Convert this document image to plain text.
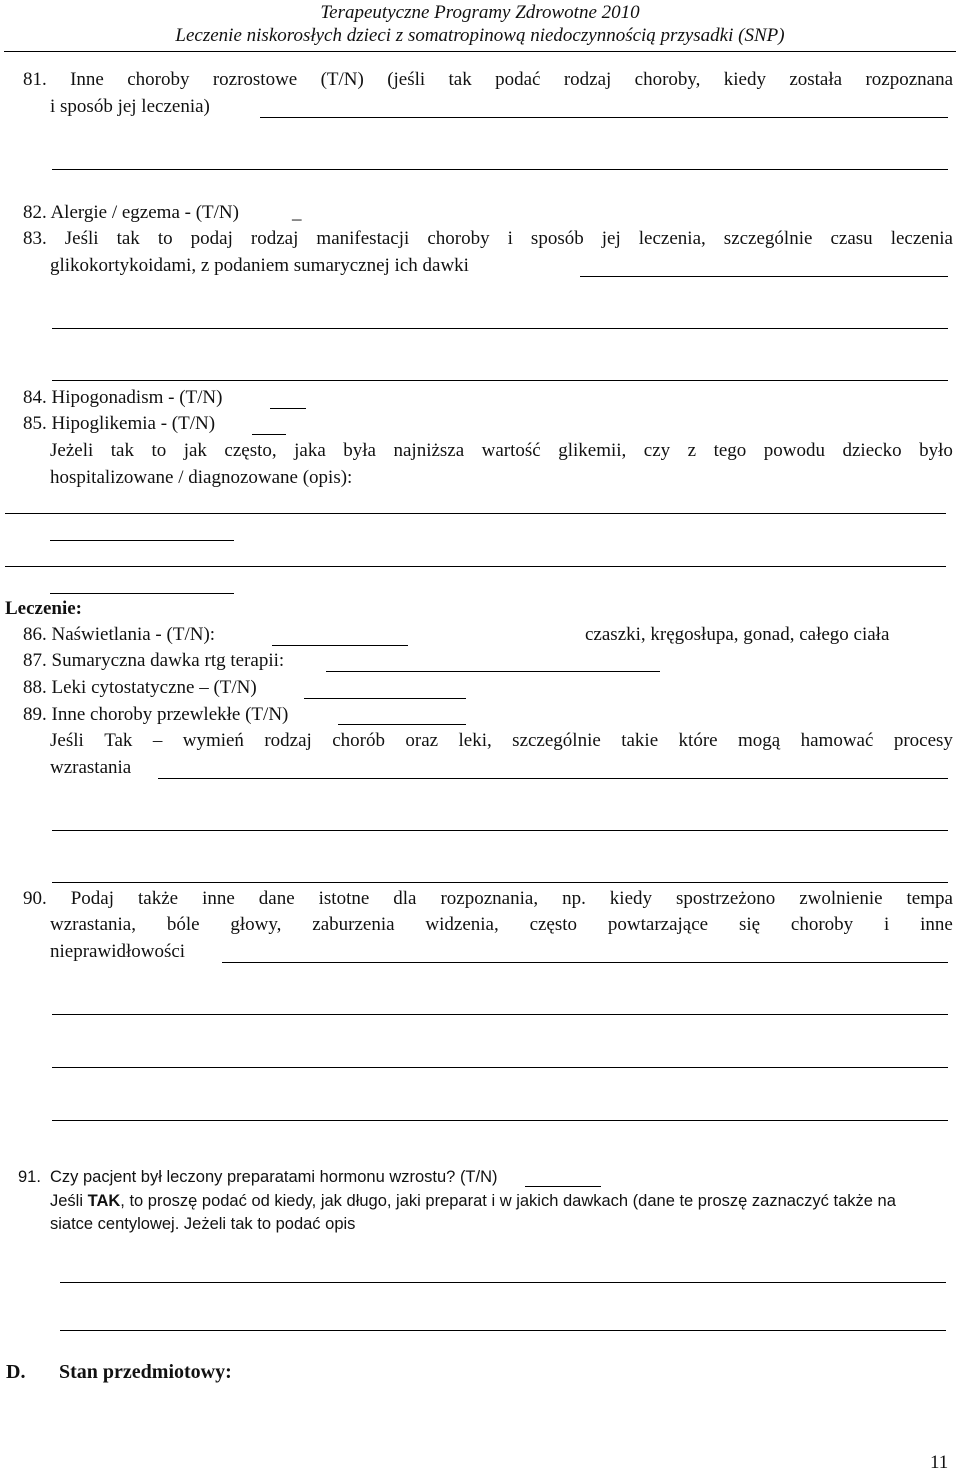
Terapeutyczne Programy Zdrowotne 2010
Leczenie niskorosłych dzieci z somatropinową niedoczynnością przysadki (SNP)
81. Inne choroby rozrostowe (T/N) (jeśli tak podać rodzaj choroby, kiedy została rozpoznana
i sposób jej leczenia)
82. Alergie / egzema - (T/N)	_
83. Jeśli tak to podaj rodzaj manifestacji choroby i sposób jej leczenia, szczególnie czasu leczenia
glikokortykoidami, z podaniem sumarycznej ich dawki
84. Hipogonadism - (T/N)
85. Hipoglikemia - (T/N)
Jeżeli tak to jak często, jaka była najniższa wartość glikemii, czy z tego powodu dziecko było
hospitalizowane / diagnozowane (opis):
Leczenie:
86. Naświetlania - (T/N):	czaszki, kręgosłupa, gonad, całego ciała
87. Sumaryczna dawka rtg terapii:
88. Leki cytostatyczne – (T/N)
89. Inne choroby przewlekłe (T/N)
Jeśli Tak – wymień rodzaj chorób oraz leki, szczególnie takie które mogą hamować procesy
wzrastania
90. Podaj także inne dane istotne dla rozpoznania, np. kiedy spostrzeżono zwolnienie tempa
wzrastania, bóle głowy, zaburzenia widzenia, często powtarzające się choroby i inne
nieprawidłowości
91. Czy pacjent był leczony preparatami hormonu wzrostu? (T/N)
Jeśli TAK, to proszę podać od kiedy, jak długo, jaki preparat i w jakich dawkach (dane te proszę zaznaczyć także na
siatce centylowej. Jeżeli tak to podać opis
D. Stan przedmiotowy:
11
